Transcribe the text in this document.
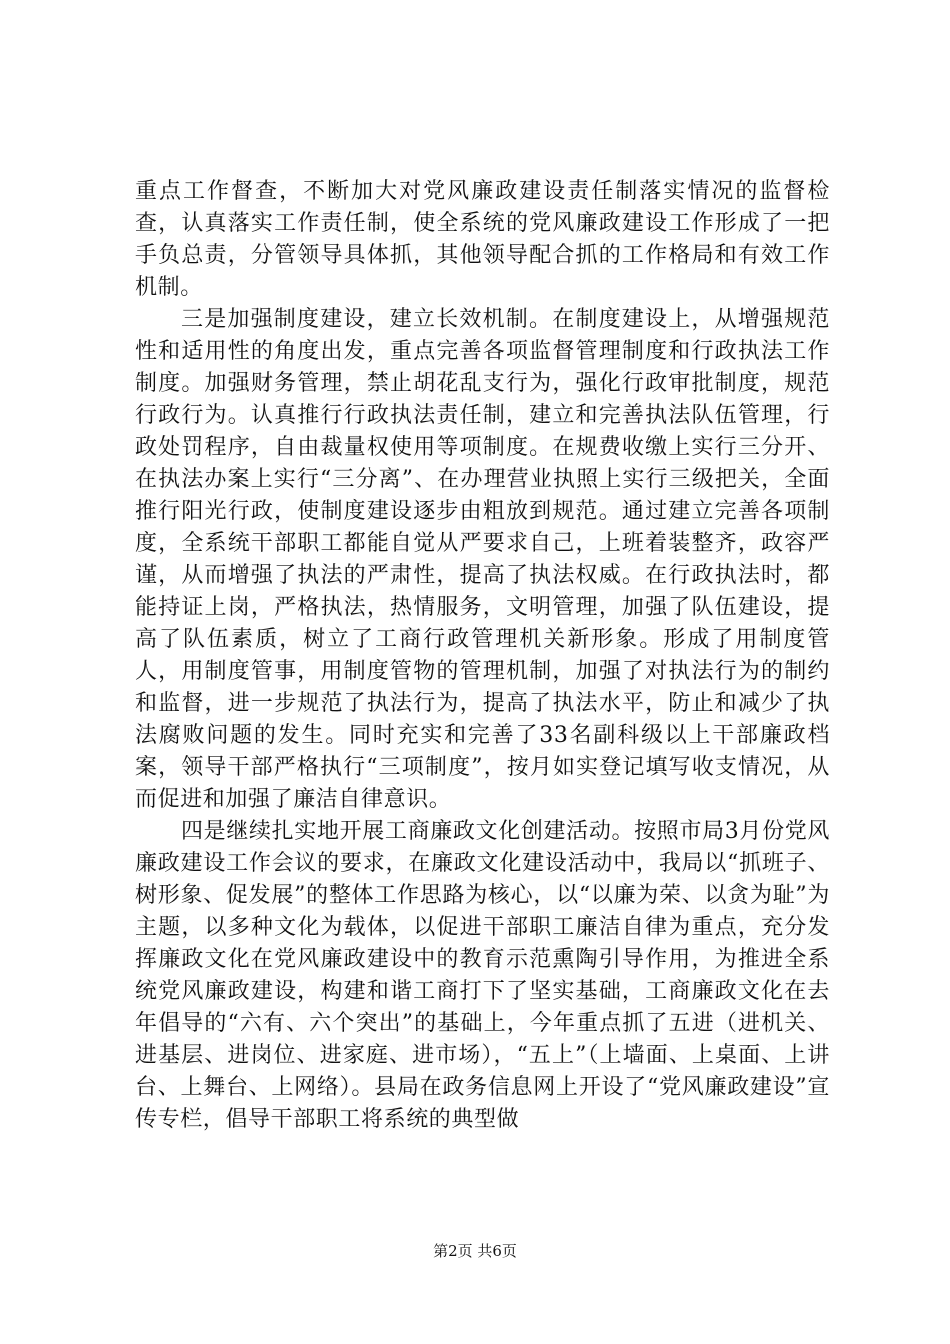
重点工作督查，不断加大对党风廉政建设责任制落实情况的监督检查，认真落实工作责任制，使全系统的党风廉政建设工作形成了一把手负总责，分管领导具体抓，其他领导配合抓的工作格局和有效工作机制。

三是加强制度建设，建立长效机制。在制度建设上，从增强规范性和适用性的角度出发，重点完善各项监督管理制度和行政执法工作制度。加强财务管理，禁止胡花乱支行为，强化行政审批制度，规范行政行为。认真推行行政执法责任制，建立和完善执法队伍管理，行政处罚程序，自由裁量权使用等项制度。在规费收缴上实行三分开、在执法办案上实行“三分离”、在办理营业执照上实行三级把关，全面推行阳光行政，使制度建设逐步由粗放到规范。通过建立完善各项制度，全系统干部职工都能自觉从严要求自己，上班着装整齐，政容严谨，从而增强了执法的严肃性，提高了执法权威。在行政执法时，都能持证上岗，严格执法，热情服务，文明管理，加强了队伍建设，提高了队伍素质，树立了工商行政管理机关新形象。形成了用制度管人，用制度管事，用制度管物的管理机制，加强了对执法行为的制约和监督，进一步规范了执法行为，提高了执法水平，防止和减少了执法腐败问题的发生。同时充实和完善了33名副科级以上干部廉政档案，领导干部严格执行“三项制度”，按月如实登记填写收支情况，从而促进和加强了廉洁自律意识。

四是继续扎实地开展工商廉政文化创建活动。按照市局3月份党风廉政建设工作会议的要求，在廉政文化建设活动中，我局以“抓班子、树形象、促发展”的整体工作思路为核心，以“以廉为荣、以贪为耻”为主题，以多种文化为载体，以促进干部职工廉洁自律为重点，充分发挥廉政文化在党风廉政建设中的教育示范熏陶引导作用，为推进全系统党风廉政建设，构建和谐工商打下了坚实基础，工商廉政文化在去年倡导的“六有、六个突出”的基础上，今年重点抓了五进（进机关、进基层、进岗位、进家庭、进市场），“五上”（上墙面、上桌面、上讲台、上舞台、上网络）。县局在政务信息网上开设了“党风廉政建设”宣传专栏，倡导干部职工将系统的典型做

第2页 共6页
